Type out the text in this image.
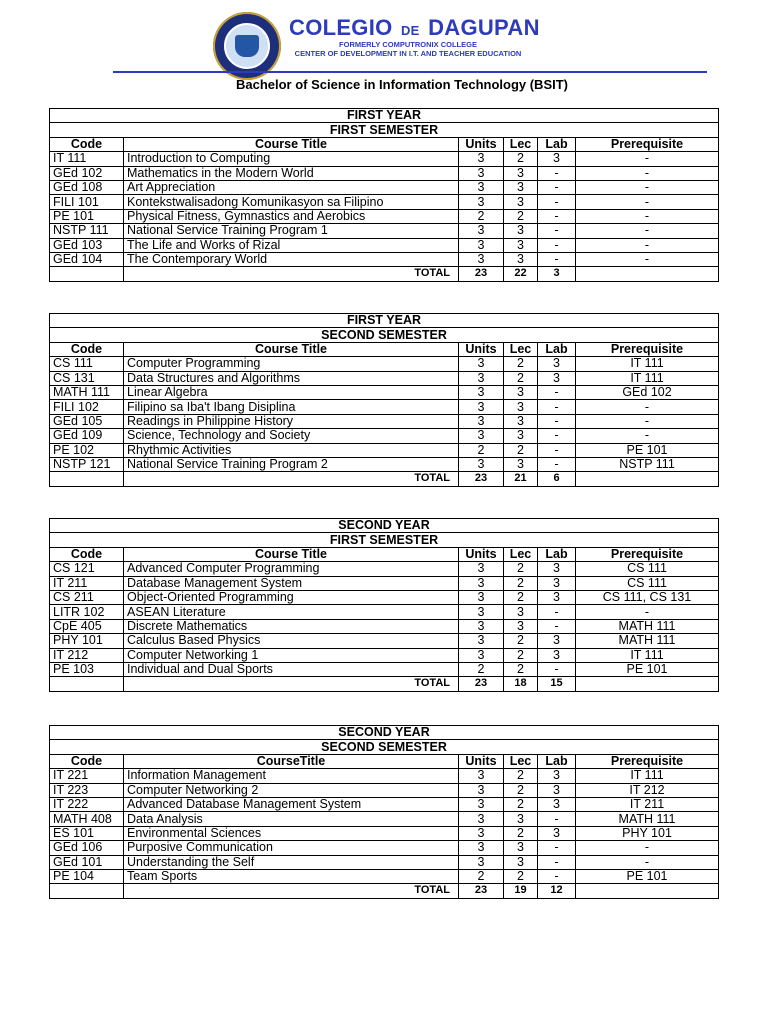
COLEGIO DE DAGUPAN
FORMERLY COMPUTRONIX COLLEGE
CENTER OF DEVELOPMENT IN I.T. AND TEACHER EDUCATION
Bachelor of Science in Information Technology (BSIT)
FIRST YEAR					
FIRST SEMESTER					
Code	Course Title	Units	Lec	Lab	Prerequisite
IT 111	Introduction to Computing	3	2	3	-
GEd 102	Mathematics in the Modern World	3	3	-	-
GEd 108	Art Appreciation	3	3	-	-
FILI 101	Kontekstwalisadong Komunikasyon sa Filipino	3	3	-	-
PE 101	Physical Fitness, Gymnastics and Aerobics	2	2	-	-
NSTP 111	National Service Training Program 1	3	3	-	-
GEd 103	The Life and Works of Rizal	3	3	-	-
GEd 104	The Contemporary World	3	3	-	-
	TOTAL	23	22	3	
FIRST YEAR					
SECOND SEMESTER					
Code	Course Title	Units	Lec	Lab	Prerequisite
CS 111	Computer Programming	3	2	3	IT 111
CS 131	Data Structures and Algorithms	3	2	3	IT 111
MATH 111	Linear Algebra	3	3	-	GEd 102
FILI 102	Filipino sa Iba't Ibang Disiplina	3	3	-	-
GEd 105	Readings in Philippine History	3	3	-	-
GEd 109	Science, Technology and Society	3	3	-	-
PE 102	Rhythmic Activities	2	2	-	PE 101
NSTP 121	National Service Training Program 2	3	3	-	NSTP 111
	TOTAL	23	21	6	
SECOND YEAR					
FIRST SEMESTER					
Code	Course Title	Units	Lec	Lab	Prerequisite
CS 121	Advanced Computer Programming	3	2	3	CS 111
IT 211	Database Management System	3	2	3	CS 111
CS 211	Object-Oriented Programming	3	2	3	CS 111, CS 131
LITR 102	ASEAN Literature	3	3	-	-
CpE 405	Discrete Mathematics	3	3	-	MATH 111
PHY 101	Calculus Based Physics	3	2	3	MATH 111
IT 212	Computer Networking 1	3	2	3	IT 111
PE 103	Individual and Dual Sports	2	2	-	PE 101
	TOTAL	23	18	15	
SECOND YEAR					
SECOND SEMESTER					
Code	CourseTitle	Units	Lec	Lab	Prerequisite
IT 221	Information Management	3	2	3	IT 111
IT 223	Computer Networking 2	3	2	3	IT 212
IT 222	Advanced Database Management System	3	2	3	IT 211
MATH 408	Data Analysis	3	3	-	MATH 111
ES 101	Environmental Sciences	3	2	3	PHY 101
GEd 106	Purposive Communication	3	3	-	-
GEd 101	Understanding the Self	3	3	-	-
PE 104	Team Sports	2	2	-	PE 101
	TOTAL	23	19	12	
